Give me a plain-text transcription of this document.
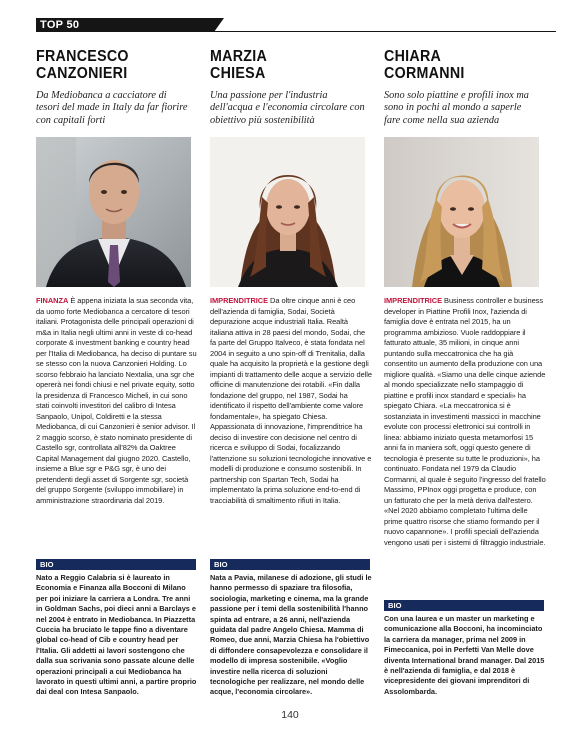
TOP 50
FRANCESCO
CANZONIERI
Da Mediobanca a cacciatore di tesori del made in Italy da far fiorire con capitali forti
FINANZA È appena iniziata la sua seconda vita, da uomo forte Mediobanca a cercatore di tesori italiani. Protagonista delle principali operazioni di m&a in Italia negli ultimi anni in veste di co-head corporate & investment banking e country head per l'Italia di Mediobanca, ha deciso di puntare su se stesso con la nuova Canzonieri Holding. Lo scorso febbraio ha lanciato Nextalia, una sgr che opererà nei fondi chiusi e nel private equity, sotto la presidenza di Francesco Micheli, in cui sono stati coinvolti investitori del calibro di Intesa Sanpaolo, Unipol, Coldiretti e la stessa Mediobanca, di cui Canzonieri è senior advisor. Il 2 maggio scorso, è stato nominato presidente di Castello sgr, controllata all'82% da Oaktree Capital Management dal giugno 2020. Castello, insieme a Blue sgr e P&G sgr, è uno dei pretendenti degli asset di Sorgente sgr, società del gruppo Sorgente (sviluppo immobiliare) in amministrazione straordinaria dal 2019.
BIO
Nato a Reggio Calabria si è laureato in Economia e Finanza alla Bocconi di Milano per poi iniziare la carriera a Londra. Tre anni in Goldman Sachs, poi dieci anni a Barclays e nel 2004 è entrato in Mediobanca. In Piazzetta Cuccia ha bruciato le tappe fino a diventare global co-head of Cib e country head per l'Italia. Gli addetti ai lavori sostengono che dalla sua scrivania sono passate alcune delle operazioni principali a cui Mediobanca ha lavorato in questi ultimi anni, a partire proprio dai deal con Intesa Sanpaolo.
MARZIA
CHIESA
Una passione per l'industria dell'acqua e l'economia circolare con obiettivo più sostenibilità
IMPRENDITRICE Da oltre cinque anni è ceo dell'azienda di famiglia, Sodai, Società depurazione acque industriali Italia. Realtà italiana attiva in 28 paesi del mondo, Sodai, che fa parte del Gruppo Italveco, è stata fondata nel 2004 in seguito a uno spin-off di Trenitalia, dalla quale ha acquisito la proprietà e la gestione degli impianti di trattamento delle acque a servizio delle officine di manutenzione dei rotabili. «Fin dalla fondazione del gruppo, nel 1987, Sodai ha identificato il rispetto dell'ambiente come valore fondamentale», ha spiegato Chiesa. Appassionata di innovazione, l'imprenditrice ha deciso di investire con decisione nel centro di ricerca e sviluppo di Sodai, focalizzando l'attenzione su soluzioni tecnologiche innovative e modelli di produzione e consumo sostenibili. In partnership con Spartan Tech, Sodai ha implementato la prima soluzione end-to-end di tracciabilità di smaltimento rifiuti in Italia.
BIO
Nata a Pavia, milanese di adozione, gli studi le hanno permesso di spaziare tra filosofia, sociologia, marketing e cinema, ma la grande passione per i temi della sostenibilità l'hanno spinta ad entrare, a 26 anni, nell'azienda guidata dal padre Angelo Chiesa. Mamma di Romeo, due anni, Marzia Chiesa ha l'obiettivo di diffondere consapevolezza e consolidare il modello di impresa sostenibile. «Voglio investire nella ricerca di soluzioni tecnologiche per realizzare, nel mondo delle acque, l'economia circolare».
CHIARA
CORMANNI
Sono solo piattine e profili inox ma sono in pochi al mondo a saperle fare come nella sua azienda
IMPRENDITRICE Business controller e business developer in Piattine Profili Inox, l'azienda di famiglia dove è entrata nel 2015, ha un programma ambizioso. Vuole raddoppiare il fatturato attuale, 35 milioni, in cinque anni puntando sulla meccatronica che ha già consentito un aumento della produzione con una migliore qualità. «Siamo una delle cinque aziende al mondo specializzate nello stampaggio di piattine e profili inox standard e speciali» ha spiegato Chiara. «La meccatronica si è sostanziata in investimenti massicci in macchine evolute con processi elettronici sui controlli in linea: abbiamo iniziato questa metamorfosi 15 anni fa in maniera soft, oggi questo genere di tecnologia è presente su tutte le produzioni», ha continuato. Fondata nel 1979 da Claudio Cormanni, al quale è seguito l'ingresso del fratello Massimo, PPInox oggi progetta e produce, con un fatturato che per la metà deriva dall'estero. «Nel 2020 abbiamo completato l'ultima delle prime quattro risorse che stiamo formando per il nuovo capannone». I profili speciali dell'azienda vengono usati per i sistemi di filtraggio industriale.
BIO
Con una laurea e un master un marketing e comunicazione alla Bocconi, ha incominciato la carriera da manager, prima nel 2009 in Fimeccanica, poi in Perfetti Van Melle dove diventa International brand manager. Dal 2015 è nell'azienda di famiglia, e dal 2018 è vicepresidente dei giovani imprenditori di Assolombarda.
140
